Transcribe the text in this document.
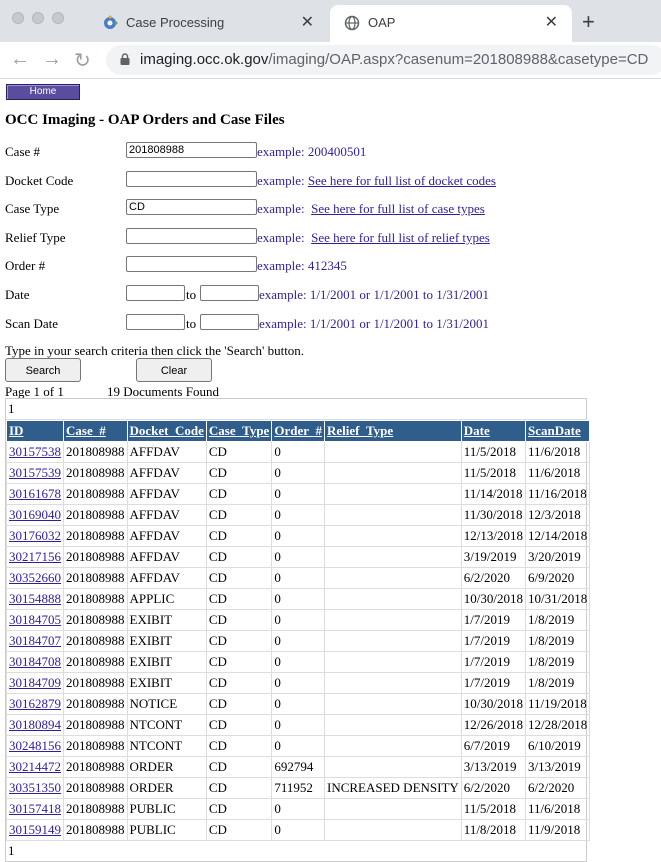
Case Processing	✕	OAP	✕ +
← → ↻	imaging.occ.ok.gov/imaging/OAP.aspx?casenum=201808988&casetype=CD
Home
OCC Imaging - OAP Orders and Case Files
Case #	201808988	example: 200400501
Docket Code	example: See here for full list of docket codes
Case Type	CD	example: See here for full list of case types
Relief Type	example: See here for full list of relief types
Order #	example: 412345
Date	to	example: 1/1/2001 or 1/1/2001 to 1/31/2001
Scan Date	to	example: 1/1/2001 or 1/1/2001 to 1/31/2001
Type in your search criteria then click the 'Search' button.
Search	Clear
Page 1 of 1	19 Documents Found
1
ID	Case_#	Docket_Code	Case_Type	Order_#	Relief_Type	Date	ScanDate
30157538	201808988	AFFDAV	CD	0		11/5/2018	11/6/2018
30157539	201808988	AFFDAV	CD	0		11/5/2018	11/6/2018
30161678	201808988	AFFDAV	CD	0		11/14/2018	11/16/2018
30169040	201808988	AFFDAV	CD	0		11/30/2018	12/3/2018
30176032	201808988	AFFDAV	CD	0		12/13/2018	12/14/2018
30217156	201808988	AFFDAV	CD	0		3/19/2019	3/20/2019
30352660	201808988	AFFDAV	CD	0		6/2/2020	6/9/2020
30154888	201808988	APPLIC	CD	0		10/30/2018	10/31/2018
30184705	201808988	EXIBIT	CD	0		1/7/2019	1/8/2019
30184707	201808988	EXIBIT	CD	0		1/7/2019	1/8/2019
30184708	201808988	EXIBIT	CD	0		1/7/2019	1/8/2019
30184709	201808988	EXIBIT	CD	0		1/7/2019	1/8/2019
30162879	201808988	NOTICE	CD	0		10/30/2018	11/19/2018
30180894	201808988	NTCONT	CD	0		12/26/2018	12/28/2018
30248156	201808988	NTCONT	CD	0		6/7/2019	6/10/2019
30214472	201808988	ORDER	CD	692794		3/13/2019	3/13/2019
30351350	201808988	ORDER	CD	711952	INCREASED DENSITY	6/2/2020	6/2/2020
30157418	201808988	PUBLIC	CD	0		11/5/2018	11/6/2018
30159149	201808988	PUBLIC	CD	0		11/8/2018	11/9/2018
1
